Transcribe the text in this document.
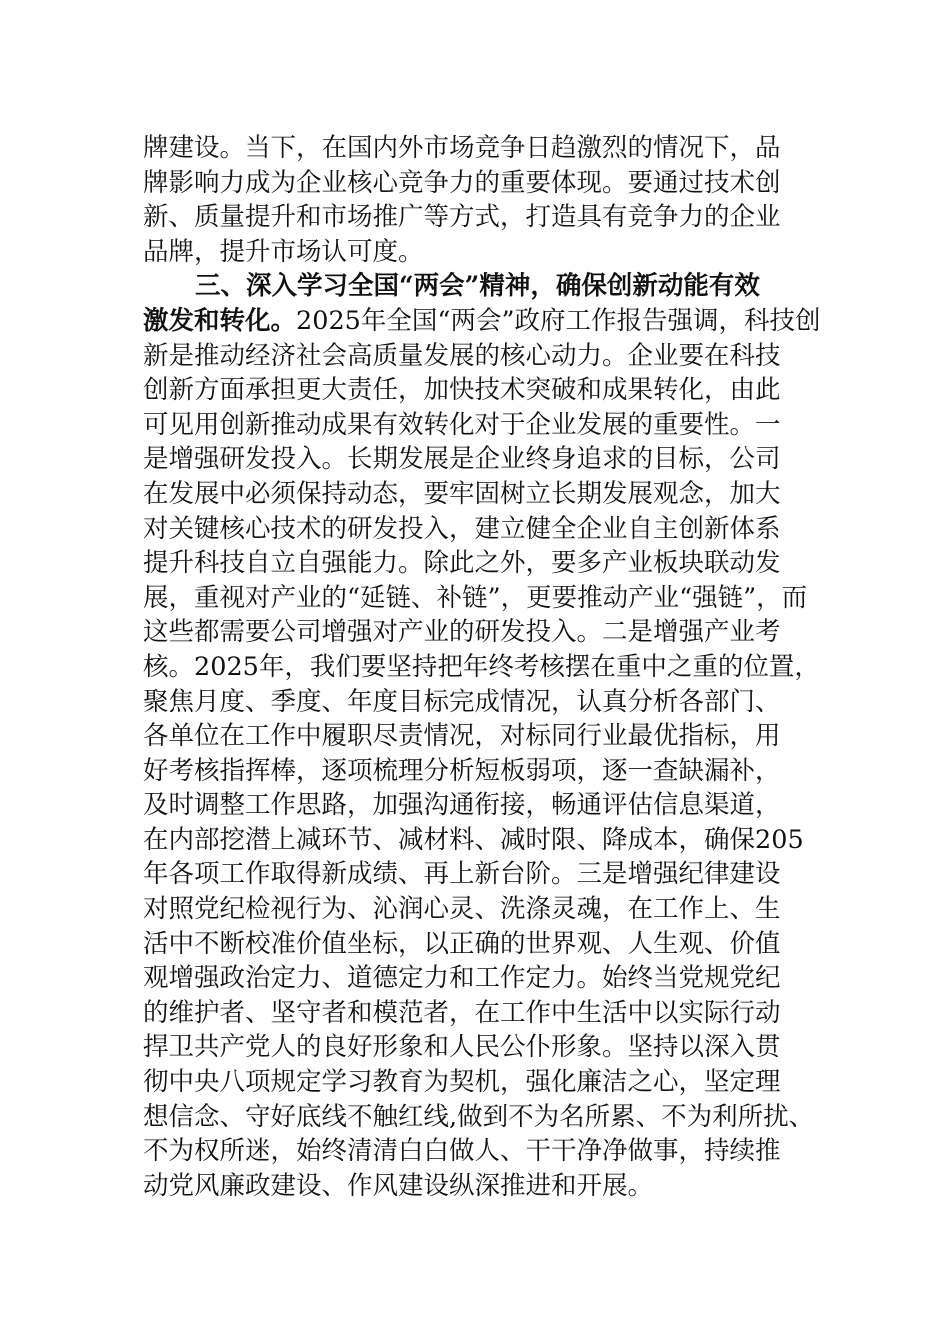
牌建设。当下，在国内外市场竞争日趋激烈的情况下，品
牌影响力成为企业核心竞争力的重要体现。要通过技术创
新、质量提升和市场推广等方式，打造具有竞争力的企业
品牌，提升市场认可度。
三、深入学习全国“两会”精神，确保创新动能有效
激发和转化。2025年全国“两会”政府工作报告强调，科技创
新是推动经济社会高质量发展的核心动力。企业要在科技
创新方面承担更大责任，加快技术突破和成果转化，由此
可见用创新推动成果有效转化对于企业发展的重要性。一
是增强研发投入。长期发展是企业终身追求的目标，公司
在发展中必须保持动态，要牢固树立长期发展观念，加大
对关键核心技术的研发投入，建立健全企业自主创新体系
提升科技自立自强能力。除此之外，要多产业板块联动发
展，重视对产业的“延链、补链”，更要推动产业“强链”，而
这些都需要公司增强对产业的研发投入。二是增强产业考
核。2025年，我们要坚持把年终考核摆在重中之重的位置，
聚焦月度、季度、年度目标完成情况，认真分析各部门、
各单位在工作中履职尽责情况，对标同行业最优指标，用
好考核指挥棒，逐项梳理分析短板弱项，逐一查缺漏补，
及时调整工作思路，加强沟通衔接，畅通评估信息渠道，
在内部挖潜上减环节、减材料、减时限、降成本，确保205
年各项工作取得新成绩、再上新台阶。三是增强纪律建设
对照党纪检视行为、沁润心灵、洗涤灵魂，在工作上、生
活中不断校准价值坐标，以正确的世界观、人生观、价值
观增强政治定力、道德定力和工作定力。始终当党规党纪
的维护者、坚守者和模范者，在工作中生活中以实际行动
捍卫共产党人的良好形象和人民公仆形象。坚持以深入贯
彻中央八项规定学习教育为契机，强化廉洁之心，坚定理
想信念、守好底线不触红线,做到不为名所累、不为利所扰、
不为权所迷，始终清清白白做人、干干净净做事，持续推
动党风廉政建设、作风建设纵深推进和开展。
